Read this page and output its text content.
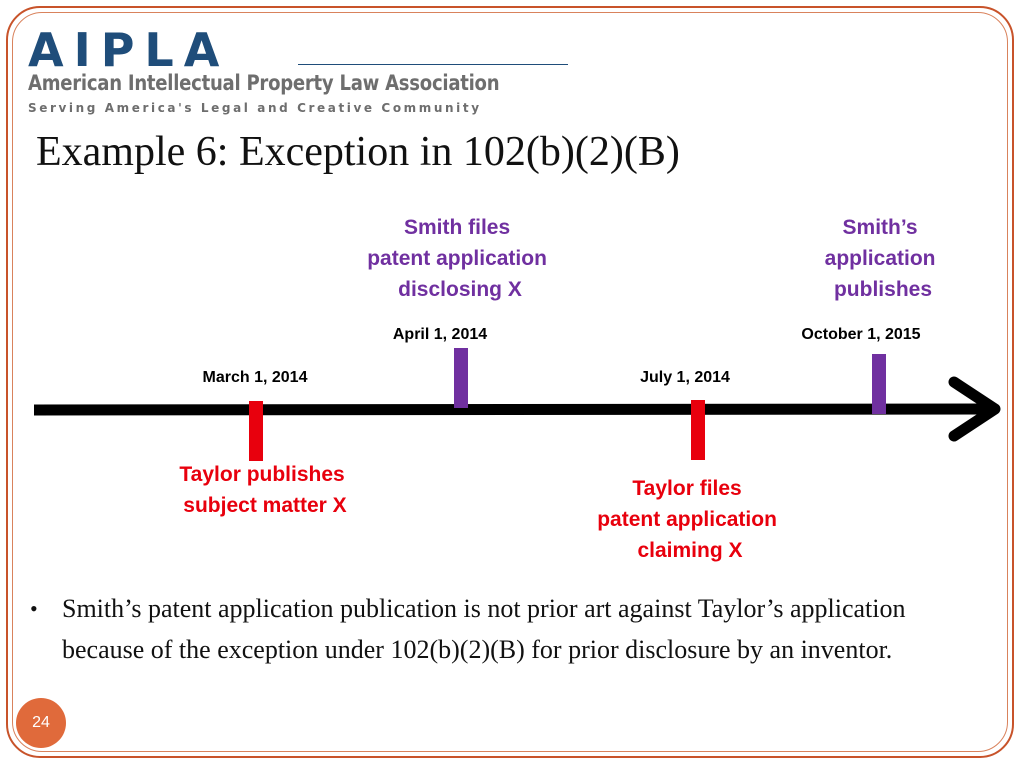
AIPLA
American Intellectual Property Law Association
Serving America's Legal and Creative Community
Example 6: Exception in 102(b)(2)(B)
March 1, 2014
Taylor publishes subject matter X
April 1, 2014
Smith files patent application disclosing X
July 1, 2014
Taylor files patent application claiming X
October 1, 2015
Smith’s application publishes
• Smith’s patent application publication is not prior art against Taylor’s application because of the exception under 102(b)(2)(B) for prior disclosure by an inventor.
24
